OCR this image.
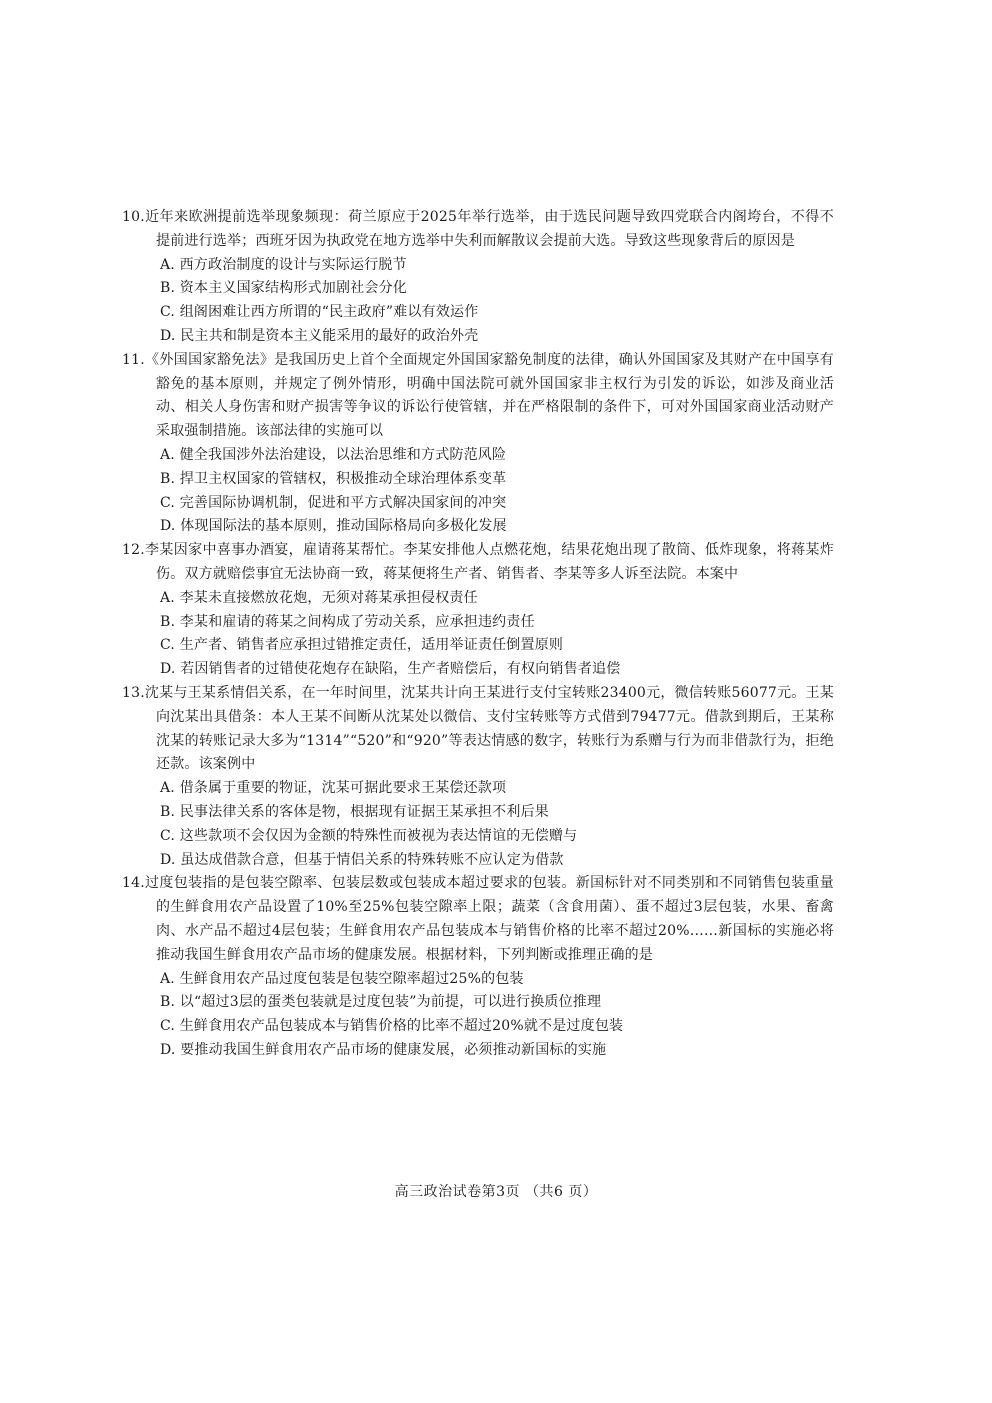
10.近年来欧洲提前选举现象频现：荷兰原应于2025年举行选举，由于选民问题导致四党联合内阁垮台，不得不提前进行选举；西班牙因为执政党在地方选举中失利而解散议会提前大选。导致这些现象背后的原因是

A. 西方政治制度的设计与实际运行脱节

B. 资本主义国家结构形式加剧社会分化

C. 组阁困难让西方所谓的“民主政府”难以有效运作

D. 民主共和制是资本主义能采用的最好的政治外壳

11.《外国国家豁免法》是我国历史上首个全面规定外国国家豁免制度的法律，确认外国国家及其财产在中国享有豁免的基本原则，并规定了例外情形，明确中国法院可就外国国家非主权行为引发的诉讼，如涉及商业活动、相关人身伤害和财产损害等争议的诉讼行使管辖，并在严格限制的条件下，可对外国国家商业活动财产采取强制措施。该部法律的实施可以

A. 健全我国涉外法治建设，以法治思维和方式防范风险

B. 捍卫主权国家的管辖权，积极推动全球治理体系变革

C. 完善国际协调机制，促进和平方式解决国家间的冲突

D. 体现国际法的基本原则，推动国际格局向多极化发展

12.李某因家中喜事办酒宴，雇请蒋某帮忙。李某安排他人点燃花炮，结果花炮出现了散筒、低炸现象，将蒋某炸伤。双方就赔偿事宜无法协商一致，蒋某便将生产者、销售者、李某等多人诉至法院。本案中

A. 李某未直接燃放花炮，无须对蒋某承担侵权责任

B. 李某和雇请的蒋某之间构成了劳动关系，应承担违约责任

C. 生产者、销售者应承担过错推定责任，适用举证责任倒置原则

D. 若因销售者的过错使花炮存在缺陷，生产者赔偿后，有权向销售者追偿

13.沈某与王某系情侣关系，在一年时间里，沈某共计向王某进行支付宝转账23400元，微信转账56077元。王某向沈某出具借条：本人王某不间断从沈某处以微信、支付宝转账等方式借到79477元。借款到期后，王某称沈某的转账记录大多为“1314”“520”和“920”等表达情感的数字，转账行为系赠与行为而非借款行为，拒绝还款。该案例中

A. 借条属于重要的物证，沈某可据此要求王某偿还款项

B. 民事法律关系的客体是物，根据现有证据王某承担不利后果

C. 这些款项不会仅因为金额的特殊性而被视为表达情谊的无偿赠与

D. 虽达成借款合意，但基于情侣关系的特殊转账不应认定为借款

14.过度包装指的是包装空隙率、包装层数或包装成本超过要求的包装。新国标针对不同类别和不同销售包装重量的生鲜食用农产品设置了10%至25%包装空隙率上限；蔬菜（含食用菌）、蛋不超过3层包装，水果、畜禽肉、水产品不超过4层包装；生鲜食用农产品包装成本与销售价格的比率不超过20%……新国标的实施必将推动我国生鲜食用农产品市场的健康发展。根据材料，下列判断或推理正确的是

A. 生鲜食用农产品过度包装是包装空隙率超过25%的包装

B. 以“超过3层的蛋类包装就是过度包装”为前提，可以进行换质位推理

C. 生鲜食用农产品包装成本与销售价格的比率不超过20%就不是过度包装

D. 要推动我国生鲜食用农产品市场的健康发展，必须推动新国标的实施

高三政治试卷第3页 （共6 页）
